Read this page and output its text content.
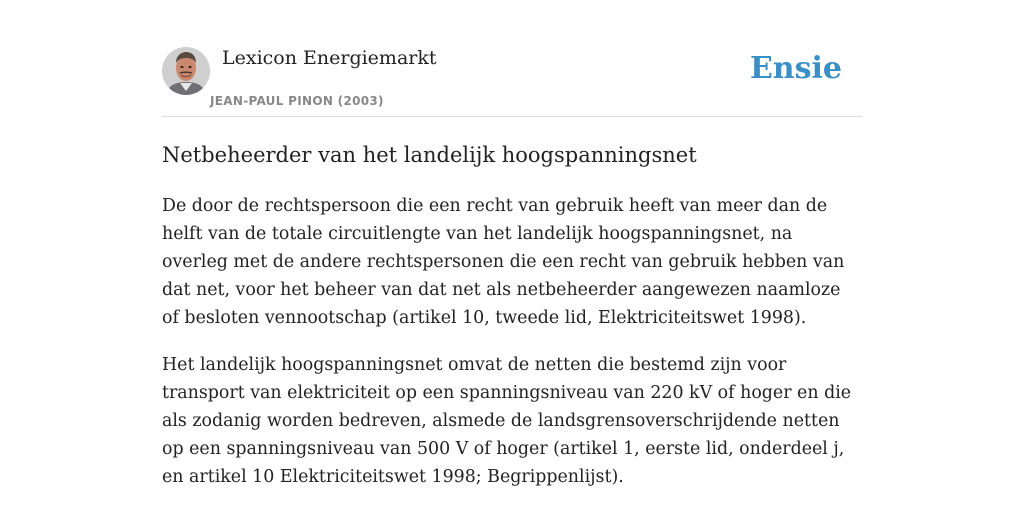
Lexicon Energiemarkt
JEAN-PAUL PINON (2003)
Ensie
Netbeheerder van het landelijk hoogspanningsnet

De door de rechtspersoon die een recht van gebruik heeft van meer dan de helft van de totale circuitlengte van het landelijk hoogspanningsnet, na overleg met de andere rechtspersonen die een recht van gebruik hebben van dat net, voor het beheer van dat net als netbeheerder aangewezen naamloze of besloten vennootschap (artikel 10, tweede lid, Elektriciteitswet 1998).

Het landelijk hoogspanningsnet omvat de netten die bestemd zijn voor transport van elektriciteit op een spanningsniveau van 220 kV of hoger en die als zodanig worden bedreven, alsmede de landsgrensoverschrijdende netten op een spanningsniveau van 500 V of hoger (artikel 1, eerste lid, onderdeel j, en artikel 10 Elektriciteitswet 1998; Begrippenlijst).
